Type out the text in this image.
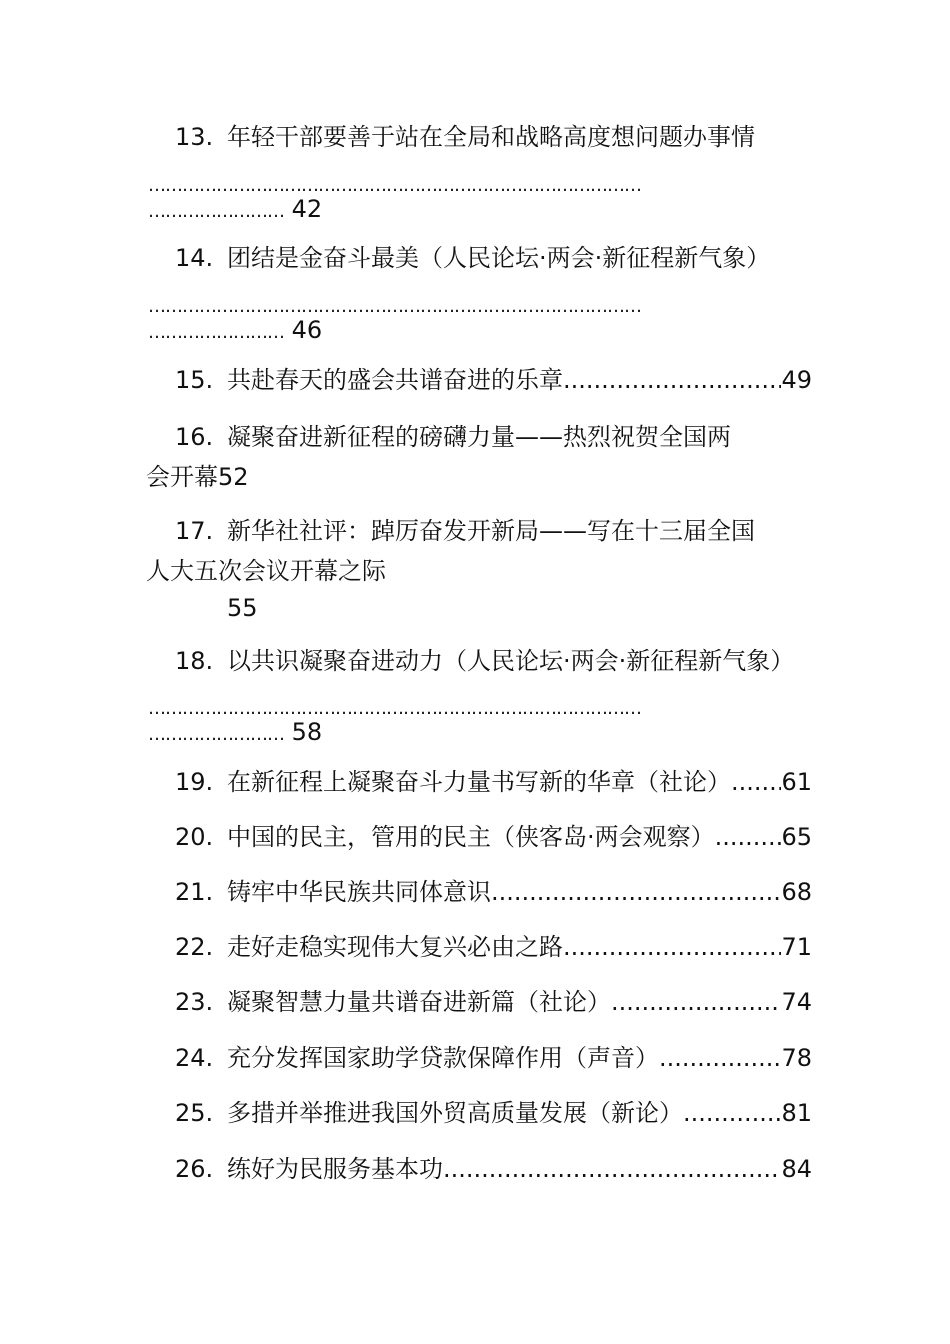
13. 年轻干部要善于站在全局和战略高度想问题办事情
……………………………………………………………………………
…………………… 42
14. 团结是金奋斗最美（人民论坛·两会·新征程新气象）
……………………………………………………………………………
…………………… 46
15. 共赴春天的盛会共谱奋进的乐章 .....	49
16. 凝聚奋进新征程的磅礴力量——热烈祝贺全国两
会开幕52
17. 新华社社评：踔厉奋发开新局——写在十三届全国
人大五次会议开幕之际
55
18. 以共识凝聚奋进动力（人民论坛·两会·新征程新气象）
……………………………………………………………………………
…………………… 58
19. 在新征程上凝聚奋斗力量书写新的华章（社论） ..... 61
20. 中国的民主，管用的民主（侠客岛·两会观察） .....	65
21. 铸牢中华民族共同体意识 .....	68
22. 走好走稳实现伟大复兴必由之路 .....	71
23. 凝聚智慧力量共谱奋进新篇（社论） .....	74
24. 充分发挥国家助学贷款保障作用（声音） .....	78
25. 多措并举推进我国外贸高质量发展（新论） .....	81
26. 练好为民服务基本功 .....	84
